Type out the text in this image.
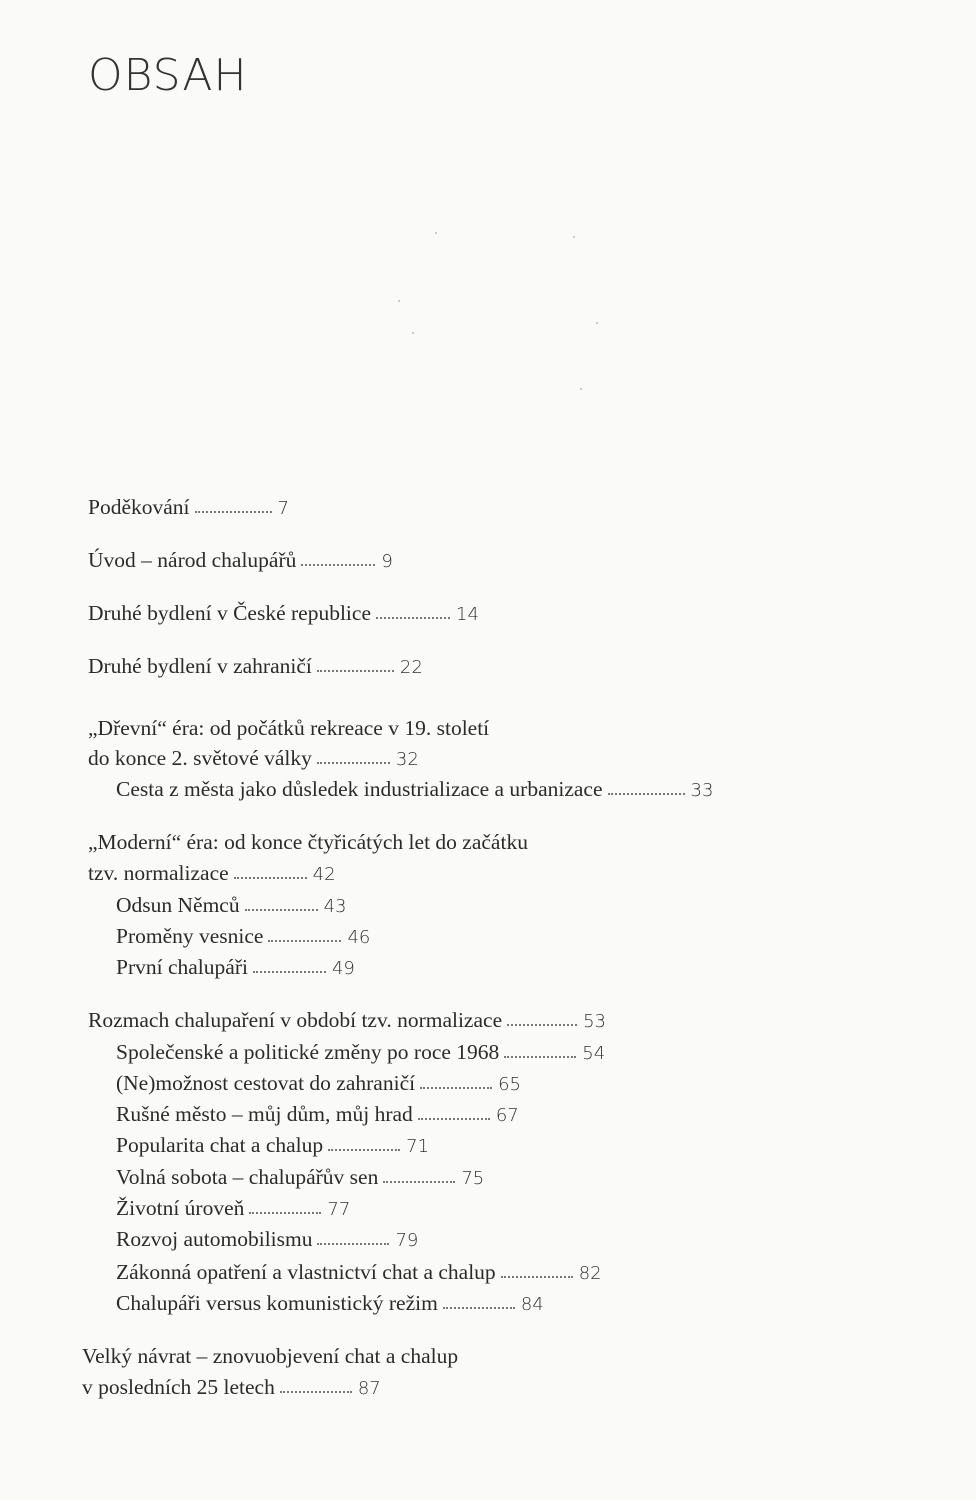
OBSAH
Poděkování	7
Úvod – národ chalupářů	9
Druhé bydlení v České republice	14
Druhé bydlení v zahraničí	22
„Dřevní“ éra: od počátků rekreace v 19. století
do konce 2. světové války	32
Cesta z města jako důsledek industrializace a urbanizace	33
„Moderní“ éra: od konce čtyřicátých let do začátku
tzv. normalizace	42
Odsun Němců	43
Proměny vesnice	46
První chalupáři	49
Rozmach chalupaření v období tzv. normalizace	53
Společenské a politické změny po roce 1968	54
(Ne)možnost cestovat do zahraničí	65
Rušné město – můj dům, můj hrad	67
Popularita chat a chalup	71
Volná sobota – chalupářův sen	75
Životní úroveň	77
Rozvoj automobilismu	79
Zákonná opatření a vlastnictví chat a chalup	82
Chalupáři versus komunistický režim	84
Velký návrat – znovuobjevení chat a chalup
v posledních 25 letech	87
